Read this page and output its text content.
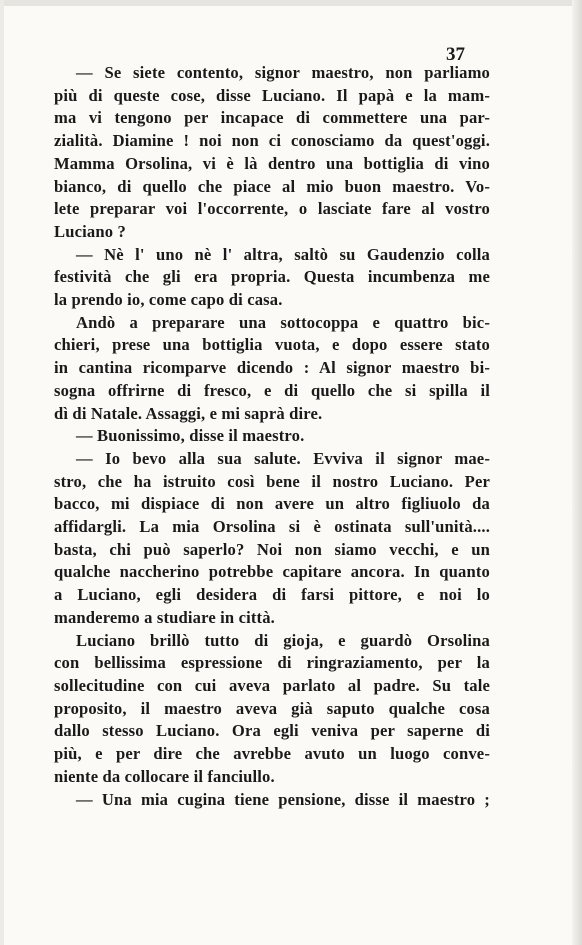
37
— Se siete contento, signor maestro, non parliamo
più di queste cose, disse Luciano. Il papà e la mam-
ma vi tengono per incapace di commettere una par-
zialità. Diamine ! noi non ci conosciamo da quest'oggi.
Mamma Orsolina, vi è là dentro una bottiglia di vino
bianco, di quello che piace al mio buon maestro. Vo-
lete preparar voi l'occorrente, o lasciate fare al vostro
Luciano ?
— Nè l' uno nè l' altra, saltò su Gaudenzio colla
festività che gli era propria. Questa incumbenza me
la prendo io, come capo di casa.
Andò a preparare una sottocoppa e quattro bic-
chieri, prese una bottiglia vuota, e dopo essere stato
in cantina ricomparve dicendo : Al signor maestro bi-
sogna offrirne di fresco, e di quello che si spilla il
dì di Natale. Assaggi, e mi saprà dire.
— Buonissimo, disse il maestro.
— Io bevo alla sua salute. Evviva il signor mae-
stro, che ha istruito così bene il nostro Luciano. Per
bacco, mi dispiace di non avere un altro figliuolo da
affidargli. La mia Orsolina si è ostinata sull'unità....
basta, chi può saperlo? Noi non siamo vecchi, e un
qualche naccherino potrebbe capitare ancora. In quanto
a Luciano, egli desidera di farsi pittore, e noi lo
manderemo a studiare in città.
Luciano brillò tutto di gioja, e guardò Orsolina
con bellissima espressione di ringraziamento, per la
sollecitudine con cui aveva parlato al padre. Su tale
proposito, il maestro aveva già saputo qualche cosa
dallo stesso Luciano. Ora egli veniva per saperne di
più, e per dire che avrebbe avuto un luogo conve-
niente da collocare il fanciullo.
— Una mia cugina tiene pensione, disse il maestro ;
